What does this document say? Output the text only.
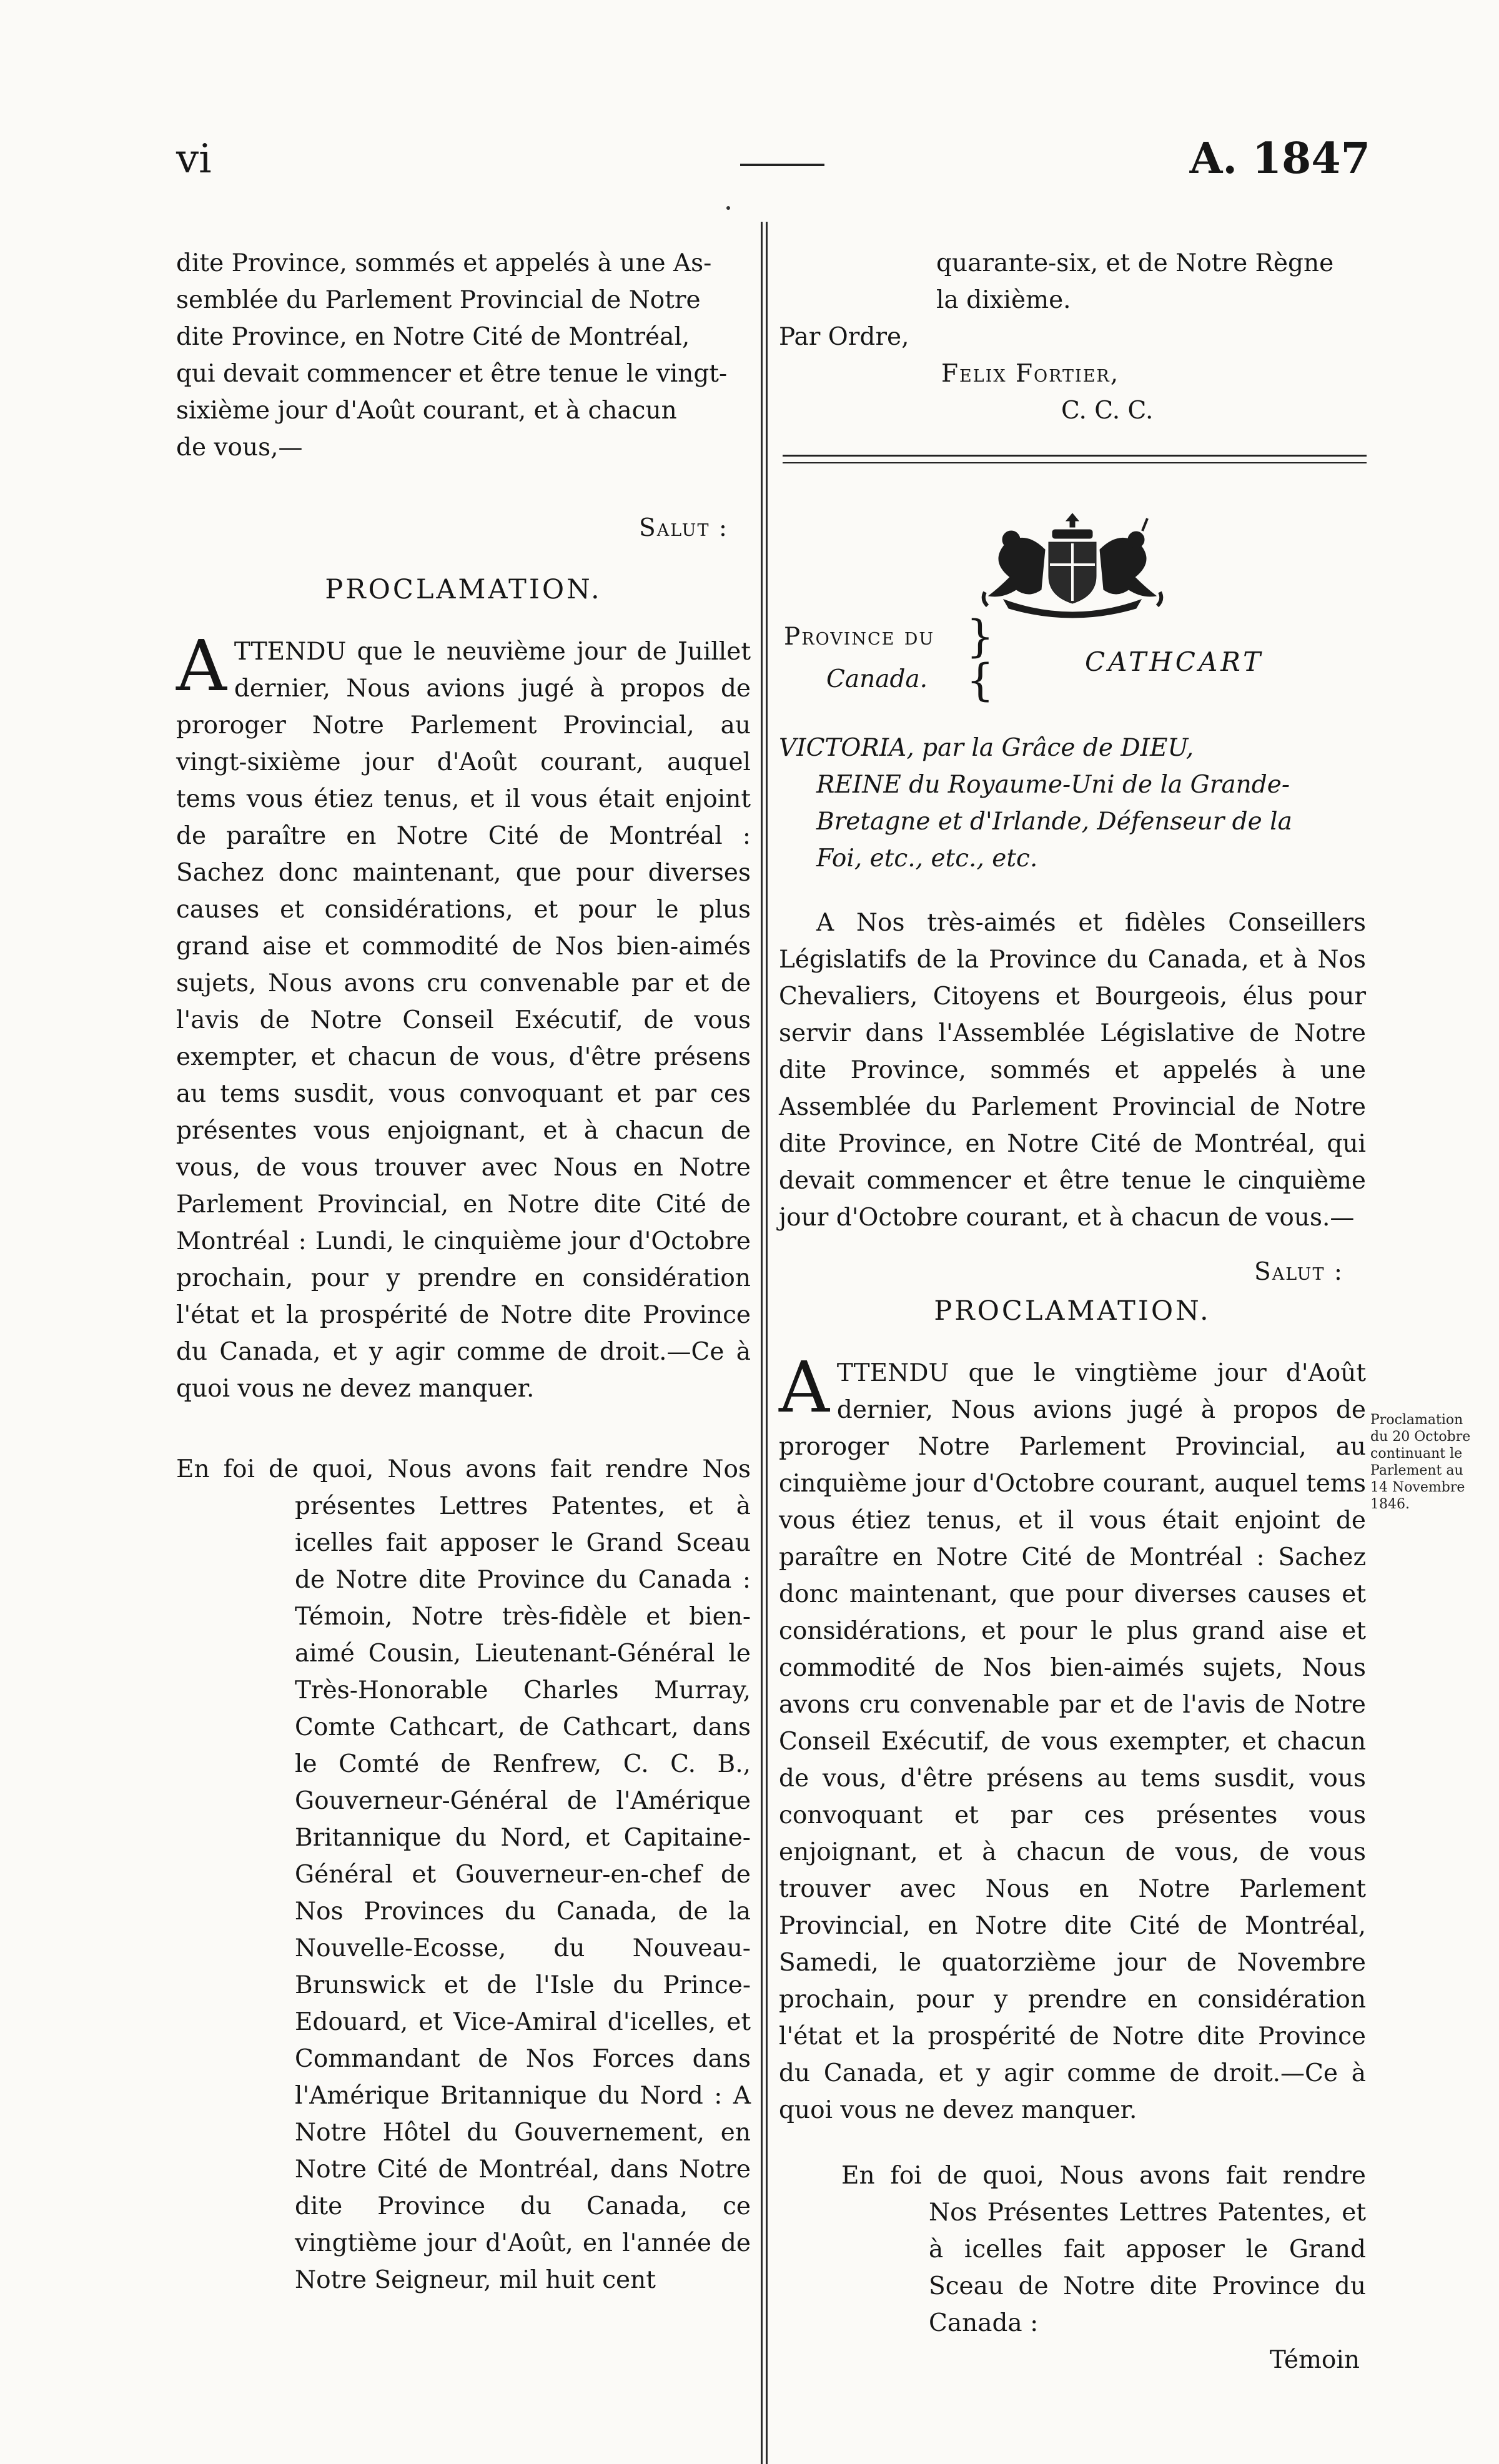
vi	A. 1847

dite Province, sommés et appelés à une As-

semblée du Parlement Provincial de Notre

dite Province, en Notre Cité de Montréal,

qui devait commencer et être tenue le vingt-

sixième jour d'Août courant, et à chacun

de vous,—

Salut :

PROCLAMATION.

ATTENDU que le neuvième jour de Juillet dernier, Nous avions jugé à propos de proroger Notre Parlement Provincial, au vingt-sixième jour d'Août courant, auquel tems vous étiez tenus, et il vous était enjoint de paraître en Notre Cité de Montréal : Sachez donc maintenant, que pour diverses causes et considérations, et pour le plus grand aise et commodité de Nos bien-aimés sujets, Nous avons cru convenable par et de l'avis de Notre Conseil Exécutif, de vous exempter, et chacun de vous, d'être présens au tems susdit, vous convoquant et par ces présentes vous enjoignant, et à chacun de vous, de vous trouver avec Nous en Notre Parlement Provincial, en Notre dite Cité de Montréal : Lundi, le cinquième jour d'Octobre prochain, pour y prendre en considération l'état et la prospérité de Notre dite Province du Canada, et y agir comme de droit.—Ce à quoi vous ne devez manquer.

En foi de quoi, Nous avons fait rendre Nos présentes Lettres Patentes, et à icelles fait apposer le Grand Sceau de Notre dite Province du Canada : Témoin, Notre très-fidèle et bien-aimé Cousin, Lieutenant-Général le Très-Honorable Charles Murray, Comte Cathcart, de Cathcart, dans le Comté de Renfrew, C. C. B., Gouverneur-Général de l'Amérique Britannique du Nord, et Capitaine-Général et Gouverneur-en-chef de Nos Provinces du Canada, de la Nouvelle-Ecosse, du Nouveau-Brunswick et de l'Isle du Prince-Edouard, et Vice-Amiral d'icelles, et Commandant de Nos Forces dans l'Amérique Britannique du Nord : A Notre Hôtel du Gouvernement, en Notre Cité de Montréal, dans Notre dite Province du Canada, ce vingtième jour d'Août, en l'année de Notre Seigneur, mil huit cent

quarante-six, et de Notre Règne

la dixième.

Par Ordre,

Felix Fortier,

C. C. C.

Province du }
Canada. {	CATHCART

VICTORIA, par la Grâce de DIEU,

REINE du Royaume-Uni de la Grande-

Bretagne et d'Irlande, Défenseur de la

Foi, etc., etc., etc.

A Nos très-aimés et fidèles Conseillers Législatifs de la Province du Canada, et à Nos Chevaliers, Citoyens et Bourgeois, élus pour servir dans l'Assemblée Législative de Notre dite Province, sommés et appelés à une Assemblée du Parlement Provincial de Notre dite Province, en Notre Cité de Montréal, qui devait commencer et être tenue le cinquième jour d'Octobre courant, et à chacun de vous.—

Salut :

PROCLAMATION.

ATTENDU que le vingtième jour d'Août dernier, Nous avions jugé à propos de proroger Notre Parlement Provincial, au cinquième jour d'Octobre courant, auquel tems vous étiez tenus, et il vous était enjoint de paraître en Notre Cité de Montréal : Sachez donc maintenant, que pour diverses causes et considérations, et pour le plus grand aise et commodité de Nos bien-aimés sujets, Nous avons cru convenable par et de l'avis de Notre Conseil Exécutif, de vous exempter, et chacun de vous, d'être présens au tems susdit, vous convoquant et par ces présentes vous enjoignant, et à chacun de vous, de vous trouver avec Nous en Notre Parlement Provincial, en Notre dite Cité de Montréal, Samedi, le quatorzième jour de Novembre prochain, pour y prendre en considération l'état et la prospérité de Notre dite Province du Canada, et y agir comme de droit.—Ce à quoi vous ne devez manquer.

En foi de quoi, Nous avons fait rendre Nos Présentes Lettres Patentes, et à icelles fait apposer le Grand Sceau de Notre dite Province du Canada :

Témoin

Proclamation
du 20 Octobre
continuant le
Parlement au
14 Novembre
1846.
